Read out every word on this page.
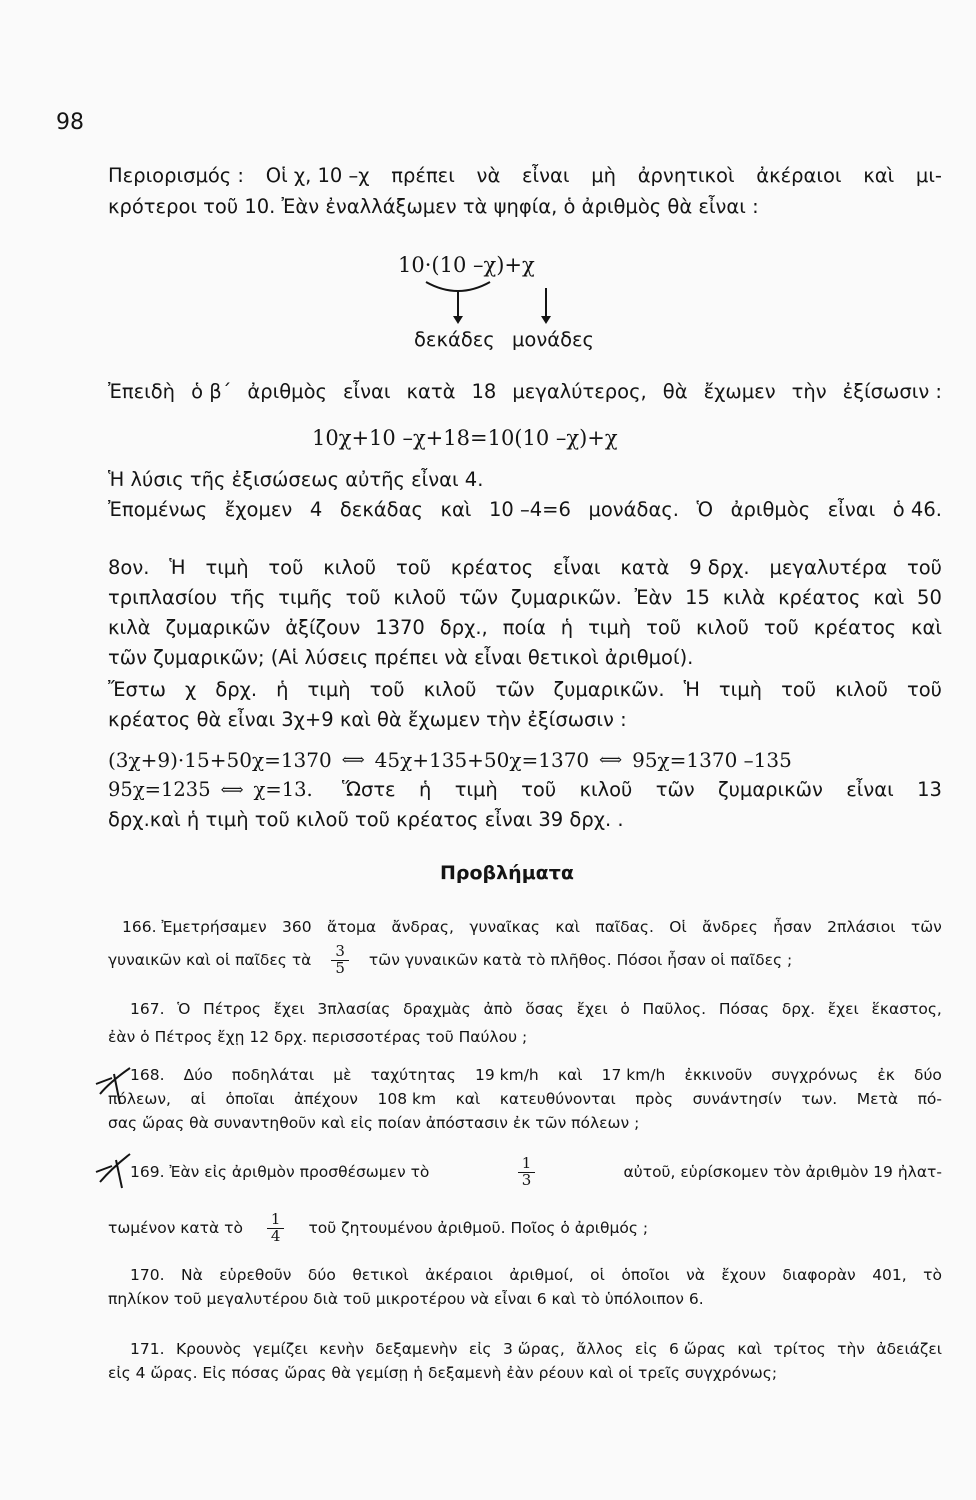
98
Περιορισμός : Οἱ χ, 10 –χ πρέπει νὰ εἶναι μὴ ἀρνητικοὶ ἀκέραιοι καὶ μι-
κρότεροι τοῦ 10. Ἐὰν ἐναλλάξωμεν τὰ ψηφία, ὁ ἀριθμὸς θὰ εἶναι :
10·(10 –χ)+χ
δεκάδες μονάδες
Ἐπειδὴ ὁ β΄ ἀριθμὸς εἶναι κατὰ 18 μεγαλύτερος, θὰ ἔχωμεν τὴν ἐξίσωσιν :
10χ+10 –χ+18=10(10 –χ)+χ
Ἡ λύσις τῆς ἐξισώσεως αὐτῆς εἶναι 4.
Ἐπομένως ἔχομεν 4 δεκάδας καὶ 10 –4=6 μονάδας. Ὁ ἀριθμὸς εἶναι ὁ 46.
8ον. Ἡ τιμὴ τοῦ κιλοῦ τοῦ κρέατος εἶναι κατὰ 9 δρχ. μεγαλυτέρα τοῦ
τριπλασίου τῆς τιμῆς τοῦ κιλοῦ τῶν ζυμαρικῶν. Ἐὰν 15 κιλὰ κρέατος καὶ 50
κιλὰ ζυμαρικῶν ἀξίζουν 1370 δρχ., ποία ἡ τιμὴ τοῦ κιλοῦ τοῦ κρέατος καὶ
τῶν ζυμαρικῶν; (Αἱ λύσεις πρέπει νὰ εἶναι θετικοὶ ἀριθμοί).
Ἔστω χ δρχ. ἡ τιμὴ τοῦ κιλοῦ τῶν ζυμαρικῶν. Ἡ τιμὴ τοῦ κιλοῦ τοῦ
κρέατος θὰ εἶναι 3χ+9 καὶ θὰ ἔχωμεν τὴν ἐξίσωσιν :
(3χ+9)·15+50χ=1370 ⟺ 45χ+135+50χ=1370 ⟺ 95χ=1370 –135
95χ=1235 ⟺ χ=13. Ὥστε ἡ τιμὴ τοῦ κιλοῦ τῶν ζυμαρικῶν εἶναι 13
δρχ.καὶ ἡ τιμὴ τοῦ κιλοῦ τοῦ κρέατος εἶναι 39 δρχ. .
Προβλήματα
166. Ἐμετρήσαμεν 360 ἄτομα ἄνδρας, γυναῖκας καὶ παῖδας. Οἱ ἄνδρες ἦσαν 2πλάσιοι τῶν
γυναικῶν καὶ οἱ παῖδες τὰ $\frac{3}{5}$ τῶν γυναικῶν κατὰ τὸ πλῆθος. Πόσοι ἦσαν οἱ παῖδες ;
167. Ὁ Πέτρος ἔχει 3πλασίας δραχμὰς ἀπὸ ὅσας ἔχει ὁ Παῦλος. Πόσας δρχ. ἔχει ἕκαστος,
ἐὰν ὁ Πέτρος ἔχῃ 12 δρχ. περισσοτέρας τοῦ Παύλου ;
168. Δύο ποδηλάται μὲ ταχύτητας 19 km/h καὶ 17 km/h ἐκκινοῦν συγχρόνως ἐκ δύο
πόλεων, αἱ ὁποῖαι ἀπέχουν 108 km καὶ κατευθύνονται πρὸς συνάντησίν των. Μετὰ πό-
σας ὥρας θὰ συναντηθοῦν καὶ εἰς ποίαν ἀπόστασιν ἐκ τῶν πόλεων ;
169. Ἐὰν εἰς ἀριθμὸν προσθέσωμεν τὸ	$\frac{1}{3}$	αὐτοῦ, εὑρίσκομεν τὸν ἀριθμὸν 19 ἠλατ-
τωμένον κατὰ τὸ $\frac{1}{4}$ τοῦ ζητουμένου ἀριθμοῦ. Ποῖος ὁ ἀριθμός ;
170. Νὰ εὑρεθοῦν δύο θετικοὶ ἀκέραιοι ἀριθμοί, οἱ ὁποῖοι νὰ ἔχουν διαφορὰν 401, τὸ
πηλίκον τοῦ μεγαλυτέρου διὰ τοῦ μικροτέρου νὰ εἶναι 6 καὶ τὸ ὑπόλοιπον 6.
171. Κρουνὸς γεμίζει κενὴν δεξαμενὴν εἰς 3 ὥρας, ἄλλος εἰς 6 ὥρας καὶ τρίτος τὴν ἀδειάζει
εἰς 4 ὥρας. Εἰς πόσας ὥρας θὰ γεμίσῃ ἡ δεξαμενὴ ἐὰν ρέουν καὶ οἱ τρεῖς συγχρόνως;
